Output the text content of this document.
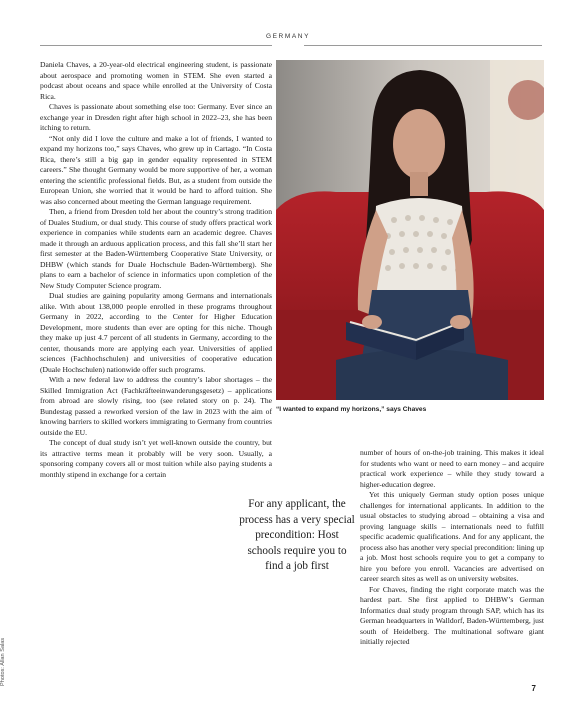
GERMANY

Daniela Chaves, a 20-year-old electrical engineering student, is passionate about aerospace and promoting women in STEM. She even started a podcast about oceans and space while enrolled at the University of Costa Rica.

Chaves is passionate about something else too: Germany. Ever since an exchange year in Dresden right after high school in 2022–23, she has been itching to return.

“Not only did I love the culture and make a lot of friends, I wanted to expand my horizons too,” says Chaves, who grew up in Cartago. “In Costa Rica, there’s still a big gap in gender equality represented in STEM careers.” She thought Germany would be more supportive of her, a woman entering the scientific professional fields. But, as a student from outside the European Union, she worried that it would be hard to afford tuition. She was also concerned about meeting the German language requirement.

Then, a friend from Dresden told her about the country’s strong tradition of Duales Studium, or dual study. This course of study offers practical work experience in companies while students earn an academic degree. Chaves made it through an arduous application process, and this fall she’ll start her first semester at the Baden-Württemberg Cooperative State University, or DHBW (which stands for Duale Hochschule Baden-Württemberg). She plans to earn a bachelor of science in informatics upon completion of the New Study Computer Science program.

Dual studies are gaining popularity among Germans and internationals alike. With about 138,000 people enrolled in these programs throughout Germany in 2022, according to the Center for Higher Education Development, more students than ever are opting for this niche. Though they make up just 4.7 percent of all students in Germany, according to the center, thousands more are applying each year. Universities of applied sciences (Fachhochschulen) and universities of cooperative education (Duale Hochschulen) nationwide offer such programs.

With a new federal law to address the country’s labor shortages – the Skilled Immigration Act (Fachkräfteeinwanderungsgesetz) – applications from abroad are slowly rising, too (see related story on p. 24). The Bundestag passed a reworked version of the law in 2023 with the aim of knowing barriers to skilled workers immigrating to Germany from countries outside the EU.

The concept of dual study isn’t yet well-known outside the country, but its attractive terms mean it probably will be very soon. Usually, a sponsoring company covers all or most tuition while also paying students a monthly stipend in exchange for a certain

“I wanted to expand my horizons,” says Chaves
For any applicant, the process has a very special precondition: Host schools require you to find a job first

number of hours of on-the-job training. This makes it ideal for students who want or need to earn money – and acquire practical work experience – while they study toward a higher-education degree.

Yet this uniquely German study option poses unique challenges for international applicants. In addition to the usual obstacles to studying abroad – obtaining a visa and proving language skills – internationals need to fulfill specific academic qualifications. And for any applicant, the process also has another very special precondition: lining up a job. Most host schools require you to get a company to hire you before you enroll. Vacancies are advertised on career search sites as well as on university websites.

For Chaves, finding the right corporate match was the hardest part. She first applied to DHBW’s German Informatics dual study program through SAP, which has its German headquarters in Walldorf, Baden-Württemberg, just south of Heidelberg. The multinational software giant initially rejected

Photos: Allan Salas
7
